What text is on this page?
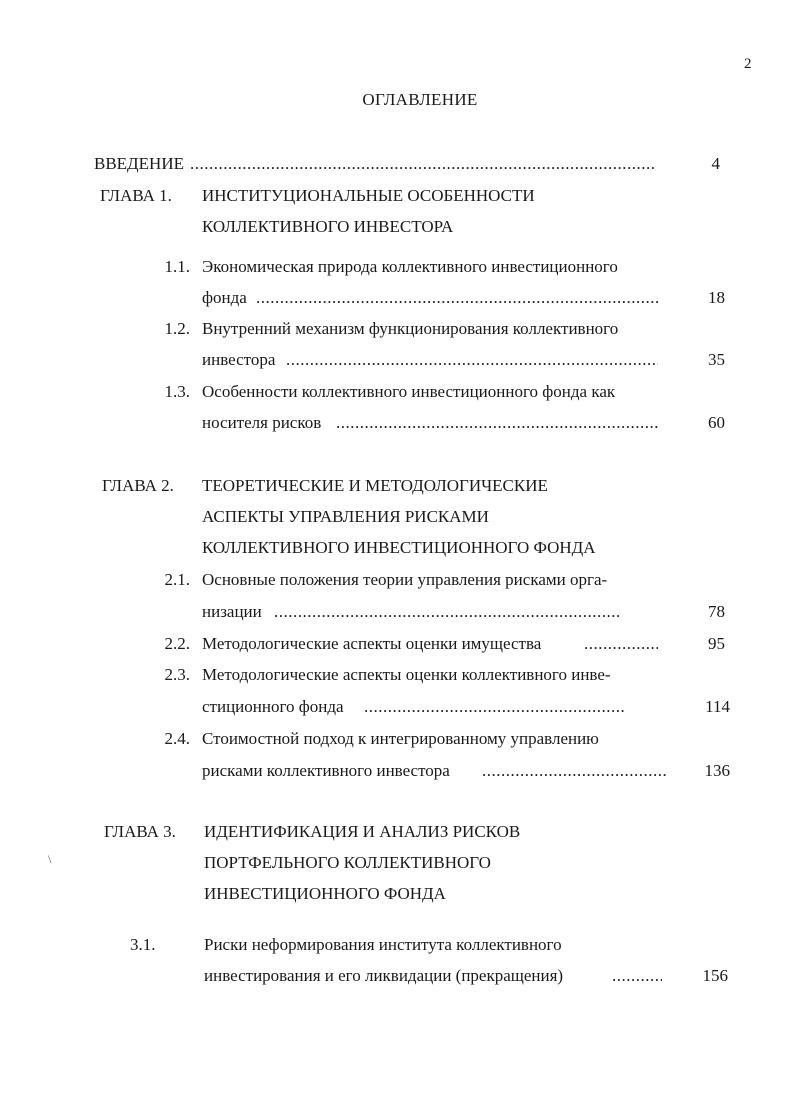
2
ОГЛАВЛЕНИЕ
\
ВВЕДЕНИЕ .....	4
ГЛАВА 1. ИНСТИТУЦИОНАЛЬНЫЕ ОСОБЕННОСТИ
КОЛЛЕКТИВНОГО ИНВЕСТОРА
1.1. Экономическая природа коллективного инвестиционного
фонда .....	18
1.2. Внутренний механизм функционирования коллективного
инвестора .....	35
1.3. Особенности коллективного инвестиционного фонда как
носителя рисков .....	60
ГЛАВА 2. ТЕОРЕТИЧЕСКИЕ И МЕТОДОЛОГИЧЕСКИЕ
АСПЕКТЫ УПРАВЛЕНИЯ РИСКАМИ
КОЛЛЕКТИВНОГО ИНВЕСТИЦИОННОГО ФОНДА
2.1. Основные положения теории управления рисками орга-
низации .....	78
2.2. Методологические аспекты оценки имущества .....	95
2.3. Методологические аспекты оценки коллективного инве-
стиционного фонда .....	114
2.4. Стоимостной подход к интегрированному управлению
рисками коллективного инвестора .....	136
ГЛАВА 3. ИДЕНТИФИКАЦИЯ И АНАЛИЗ РИСКОВ
ПОРТФЕЛЬНОГО КОЛЛЕКТИВНОГО
ИНВЕСТИЦИОННОГО ФОНДА
3.1.	Риски неформирования института коллективного
инвестирования и его ликвидации (прекращения) .....	156
